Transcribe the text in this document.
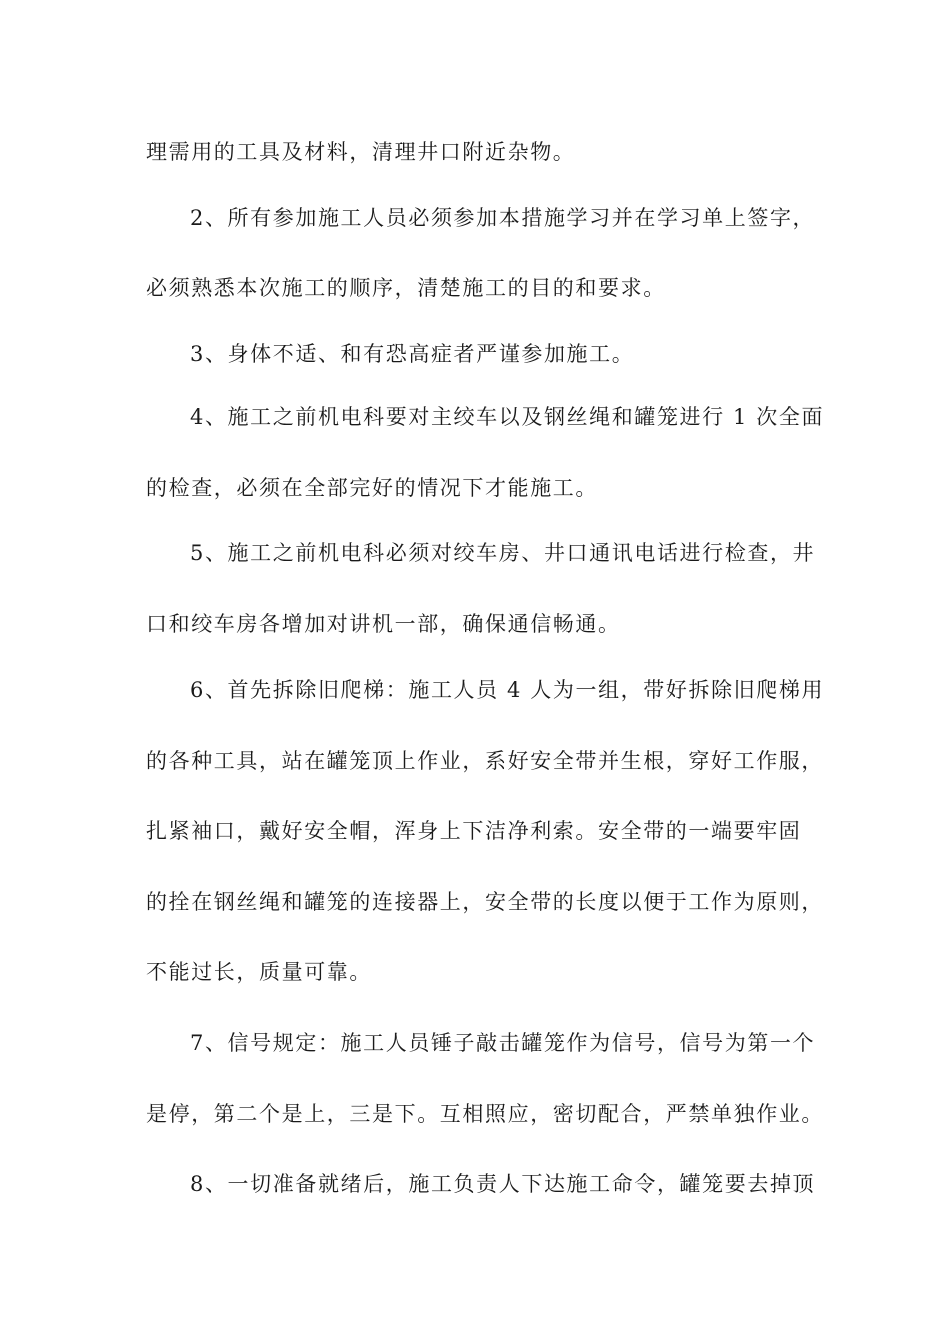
理需用的工具及材料，清理井口附近杂物。
2、所有参加施工人员必须参加本措施学习并在学习单上签字，
必须熟悉本次施工的顺序，清楚施工的目的和要求。
3、身体不适、和有恐高症者严谨参加施工。
4、施工之前机电科要对主绞车以及钢丝绳和罐笼进行 1 次全面
的检查，必须在全部完好的情况下才能施工。
5、施工之前机电科必须对绞车房、井口通讯电话进行检查，井
口和绞车房各增加对讲机一部，确保通信畅通。
6、首先拆除旧爬梯：施工人员 4 人为一组，带好拆除旧爬梯用
的各种工具，站在罐笼顶上作业，系好安全带并生根，穿好工作服，
扎紧袖口，戴好安全帽，浑身上下洁净利索。安全带的一端要牢固
的拴在钢丝绳和罐笼的连接器上，安全带的长度以便于工作为原则，
不能过长，质量可靠。
7、信号规定：施工人员锤子敲击罐笼作为信号，信号为第一个
是停，第二个是上，三是下。互相照应，密切配合，严禁单独作业。
8、一切准备就绪后，施工负责人下达施工命令，罐笼要去掉顶
